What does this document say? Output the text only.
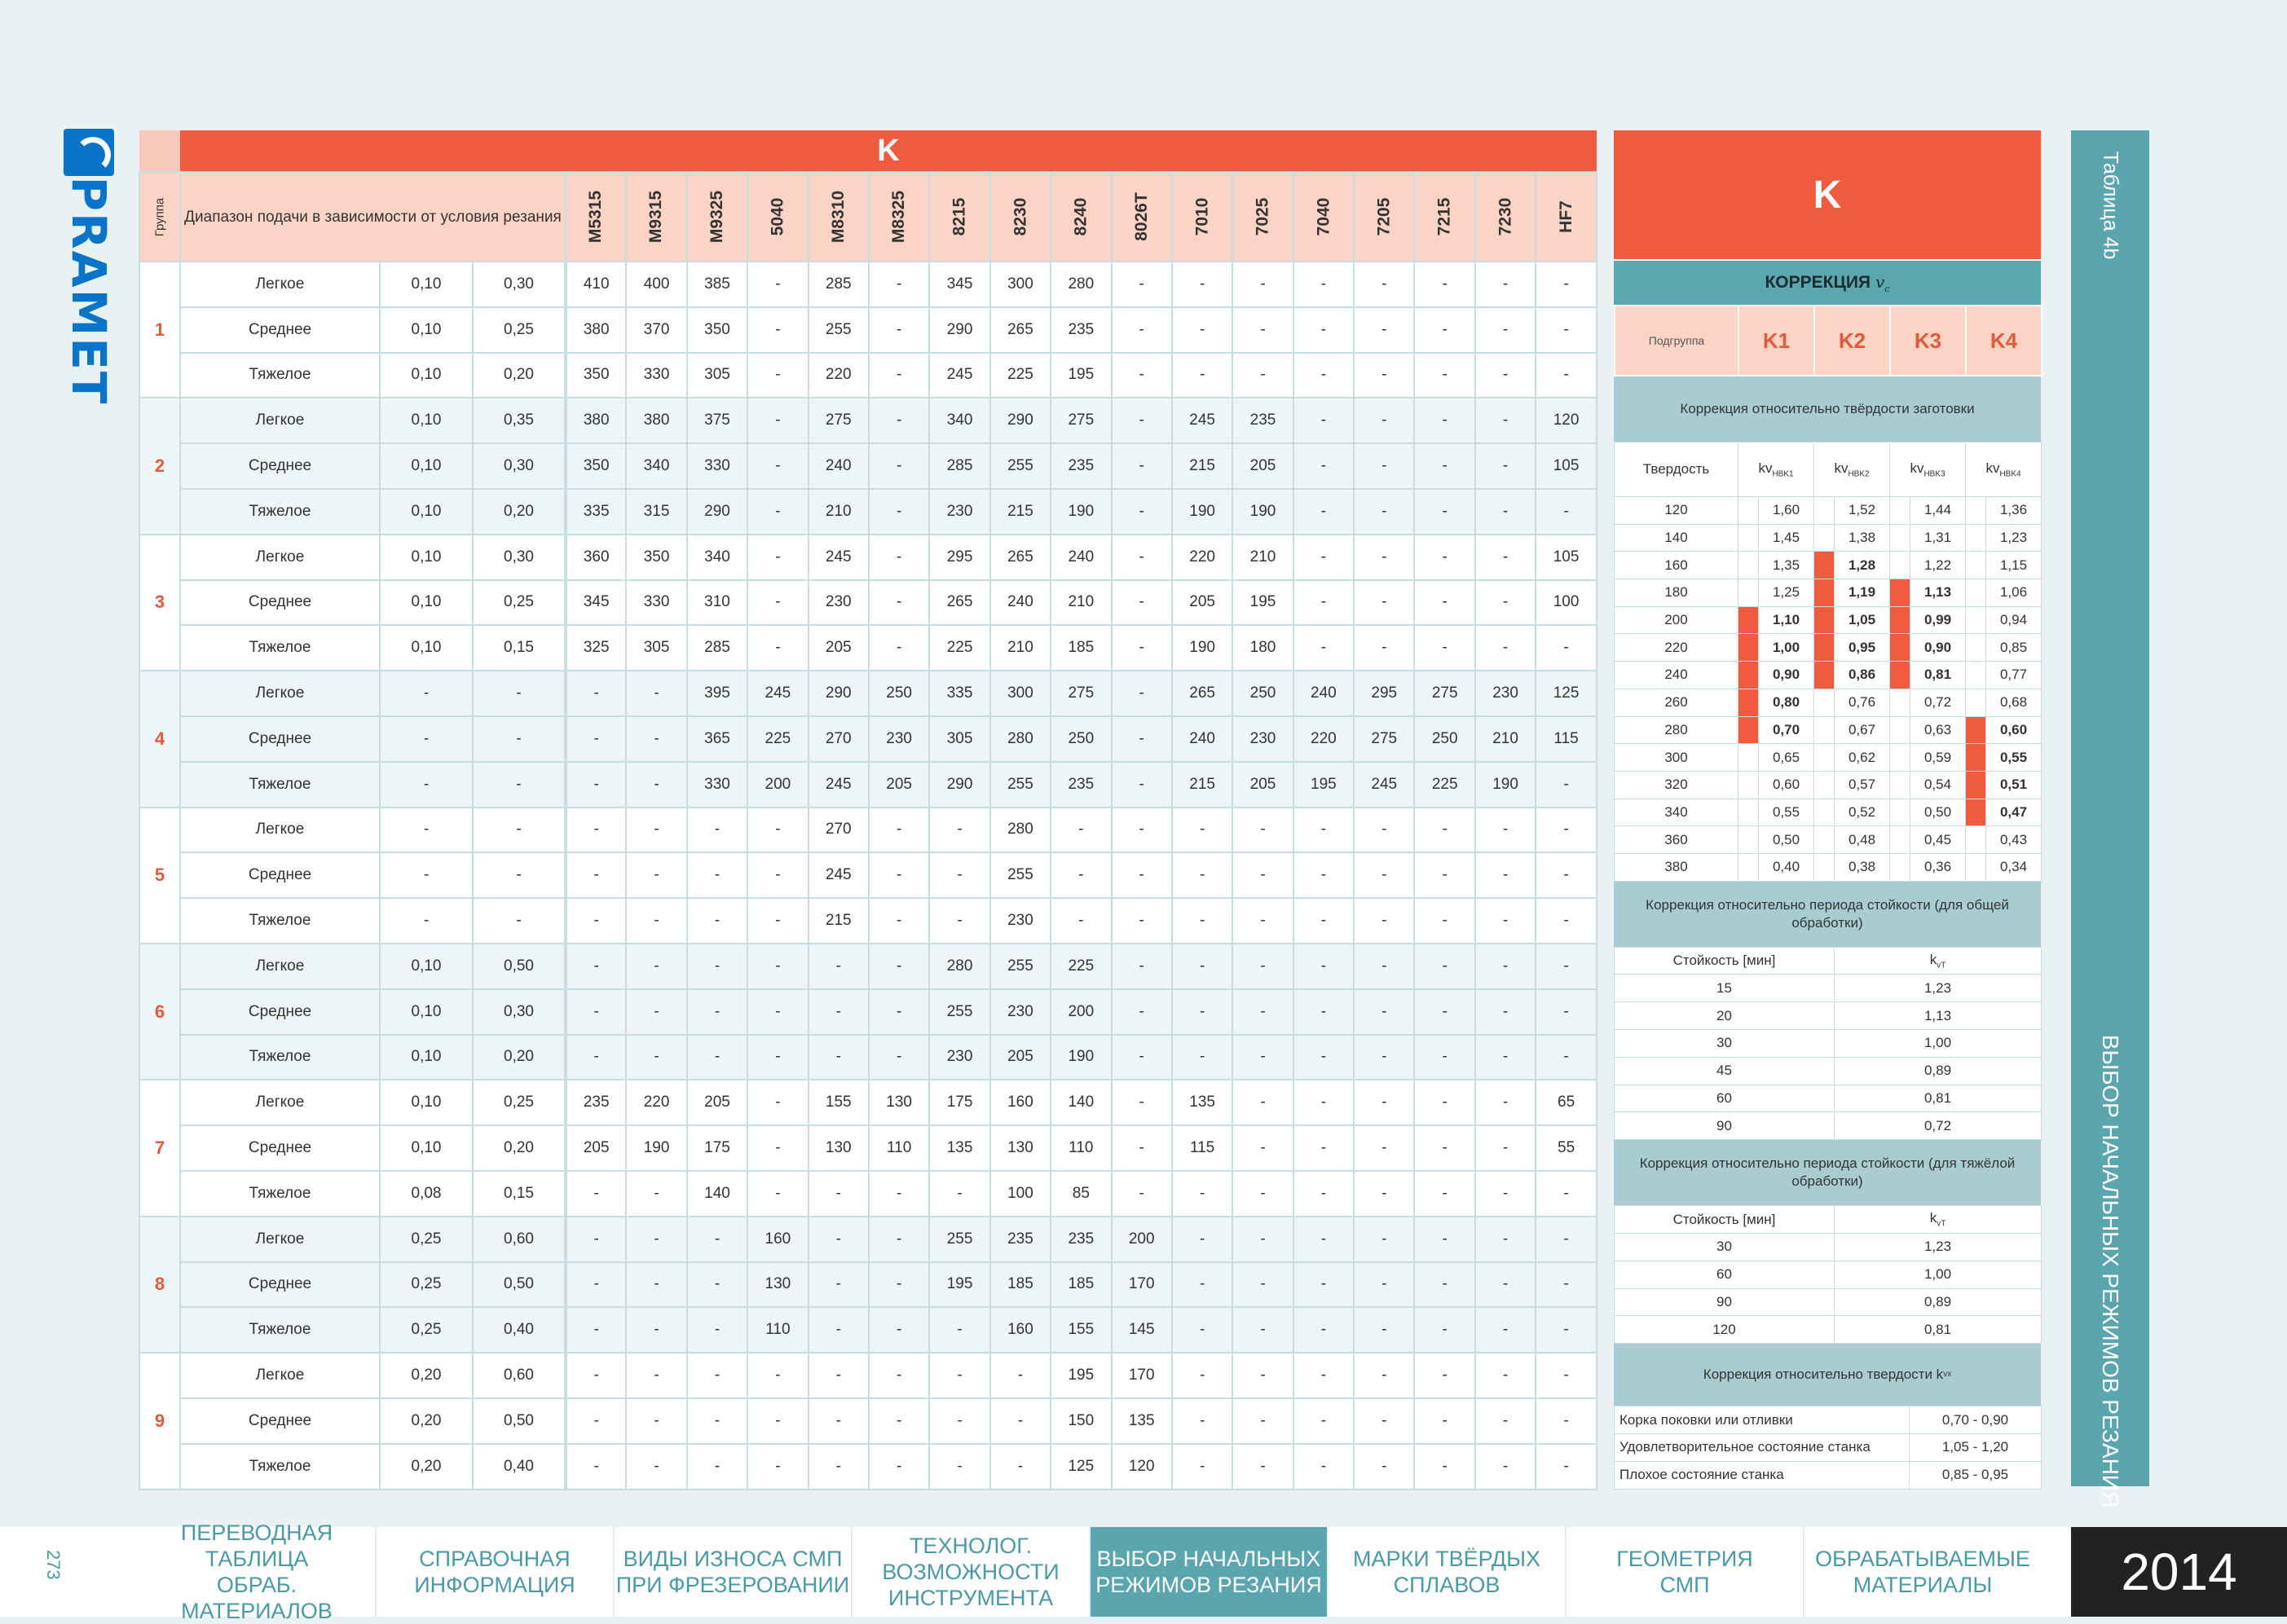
PRAMET
	K																			
Группа	Диапазон подачи в зависимости от условия резания			M5315	M9315	M9325	5040	M8310	M8325	8215	8230	8240	8026T	7010	7025	7040	7205	7215	7230	HF7
1	Легкое	0,10	0,30	410	400	385	-	285	-	345	300	280	-	-	-	-	-	-	-	-
	Среднее	0,10	0,25	380	370	350	-	255	-	290	265	235	-	-	-	-	-	-	-	-
	Тяжелое	0,10	0,20	350	330	305	-	220	-	245	225	195	-	-	-	-	-	-	-	-
2	Легкое	0,10	0,35	380	380	375	-	275	-	340	290	275	-	245	235	-	-	-	-	120
	Среднее	0,10	0,30	350	340	330	-	240	-	285	255	235	-	215	205	-	-	-	-	105
	Тяжелое	0,10	0,20	335	315	290	-	210	-	230	215	190	-	190	190	-	-	-	-	-
3	Легкое	0,10	0,30	360	350	340	-	245	-	295	265	240	-	220	210	-	-	-	-	105
	Среднее	0,10	0,25	345	330	310	-	230	-	265	240	210	-	205	195	-	-	-	-	100
	Тяжелое	0,10	0,15	325	305	285	-	205	-	225	210	185	-	190	180	-	-	-	-	-
4	Легкое	-	-	-	-	395	245	290	250	335	300	275	-	265	250	240	295	275	230	125
	Среднее	-	-	-	-	365	225	270	230	305	280	250	-	240	230	220	275	250	210	115
	Тяжелое	-	-	-	-	330	200	245	205	290	255	235	-	215	205	195	245	225	190	-
5	Легкое	-	-	-	-	-	-	270	-	-	280	-	-	-	-	-	-	-	-	-
	Среднее	-	-	-	-	-	-	245	-	-	255	-	-	-	-	-	-	-	-	-
	Тяжелое	-	-	-	-	-	-	215	-	-	230	-	-	-	-	-	-	-	-	-
6	Легкое	0,10	0,50	-	-	-	-	-	-	280	255	225	-	-	-	-	-	-	-	-
	Среднее	0,10	0,30	-	-	-	-	-	-	255	230	200	-	-	-	-	-	-	-	-
	Тяжелое	0,10	0,20	-	-	-	-	-	-	230	205	190	-	-	-	-	-	-	-	-
7	Легкое	0,10	0,25	235	220	205	-	155	130	175	160	140	-	135	-	-	-	-	-	65
	Среднее	0,10	0,20	205	190	175	-	130	110	135	130	110	-	115	-	-	-	-	-	55
	Тяжелое	0,08	0,15	-	-	140	-	-	-	-	100	85	-	-	-	-	-	-	-	-
8	Легкое	0,25	0,60	-	-	-	160	-	-	255	235	235	200	-	-	-	-	-	-	-
	Среднее	0,25	0,50	-	-	-	130	-	-	195	185	185	170	-	-	-	-	-	-	-
	Тяжелое	0,25	0,40	-	-	-	110	-	-	-	160	155	145	-	-	-	-	-	-	-
9	Легкое	0,20	0,60	-	-	-	-	-	-	-	-	195	170	-	-	-	-	-	-	-
	Среднее	0,20	0,50	-	-	-	-	-	-	-	-	150	135	-	-	-	-	-	-	-
	Тяжелое	0,20	0,40	-	-	-	-	-	-	-	-	125	120	-	-	-	-	-	-	-
K
КОРРЕКЦИЯ $v_c$
Подгруппа	K1	K2	K3	K4
Коррекция относительно твёрдости заготовки
Твердость	$kv_{HBK1}$		$kv_{HBK2}$		$kv_{HBK3}$		$kv_{HBK4}$
120		1,60		1,52		1,44		1,36
140		1,45		1,38		1,31		1,23
160		1,35		1,28		1,22		1,15
180		1,25		1,19		1,13		1,06
200		1,10		1,05		0,99		0,94
220		1,00		0,95		0,90		0,85
240		0,90		0,86		0,81		0,77
260		0,80		0,76		0,72		0,68
280		0,70		0,67		0,63		0,60
300		0,65		0,62		0,59		0,55
320		0,60		0,57		0,54		0,51
340		0,55		0,52		0,50		0,47
360		0,50		0,48		0,45		0,43
380		0,40		0,38		0,36		0,34
Коррекция относительно периода стойкости (для общей обработки)
Стойкость [мин]	$k_{vT}$
15	1,23
20	1,13
30	1,00
45	0,89
60	0,81
90	0,72
Коррекция относительно периода стойкости (для тяжёлой обработки)
Стойкость [мин]	$k_{vT}$
30	1,23
60	1,00
90	0,89
120	0,81
Коррекция относительно твердости k vx
Корка поковки или отливки	0,70 - 0,90
Удовлетворительное состояние станка	1,05 - 1,20
Плохое состояние станка	0,85 - 0,95
Таблица 4b
ВЫБОР НАЧАЛЬНЫХ РЕЖИМОВ РЕЗАНИЯ
273
ПЕРЕВОДНАЯ ТАБЛИЦА
ОБРАБ. МАТЕРИАЛОВ
СПРАВОЧНАЯ
ИНФОРМАЦИЯ
ВИДЫ ИЗНОСА СМП
ПРИ ФРЕЗЕРОВАНИИ
ТЕХНОЛОГ. ВОЗМОЖНОСТИ
ИНСТРУМЕНТА
ВЫБОР НАЧАЛЬНЫХ
РЕЖИМОВ РЕЗАНИЯ
МАРКИ ТВЁРДЫХ
СПЛАВОВ
ГЕОМЕТРИЯ
СМП
ОБРАБАТЫВАЕМЫЕ
МАТЕРИАЛЫ	2014
